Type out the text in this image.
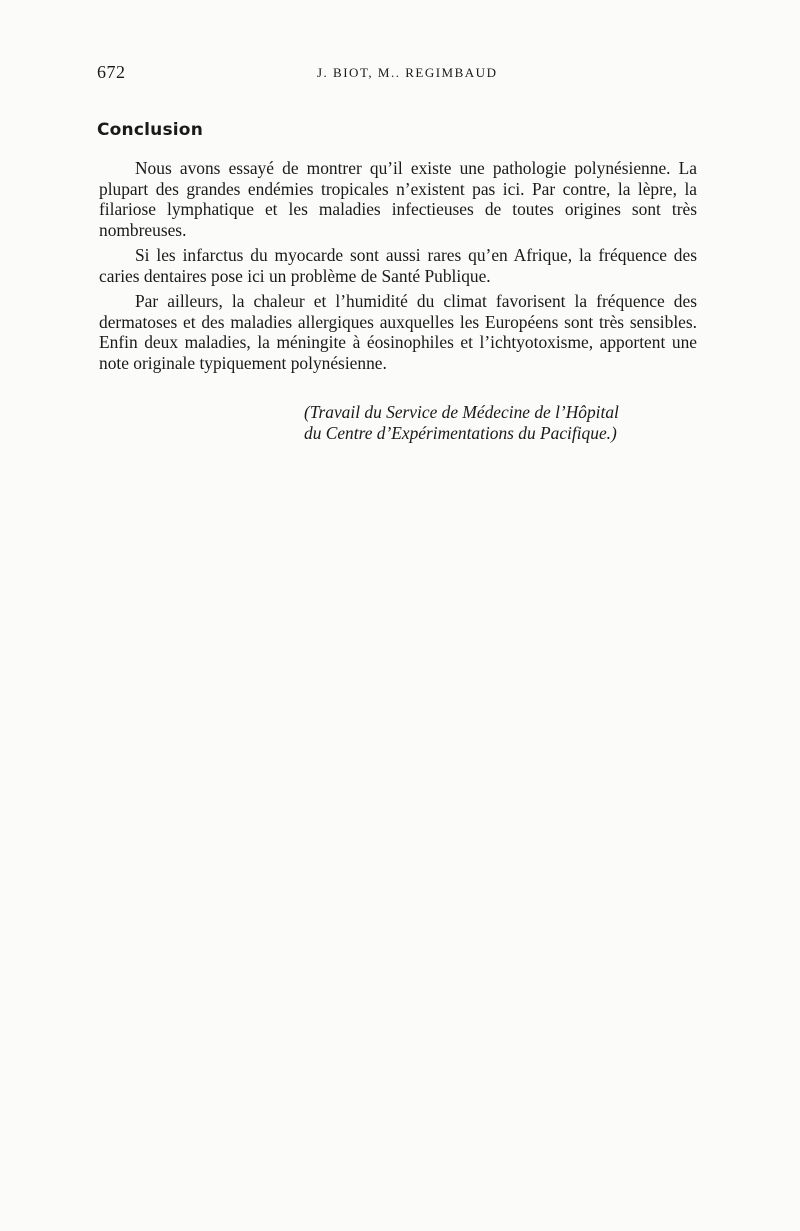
672	J. BIOT, M.. REGIMBAUD
Conclusion

Nous avons essayé de montrer qu’il existe une pathologie polynésienne. La plupart des grandes endémies tropicales n’existent pas ici. Par contre, la lèpre, la filariose lymphatique et les maladies infectieuses de toutes origines sont très nombreuses.

Si les infarctus du myocarde sont aussi rares qu’en Afrique, la fréquence des caries dentaires pose ici un problème de Santé Publique.

Par ailleurs, la chaleur et l’humidité du climat favorisent la fréquence des dermatoses et des maladies allergiques auxquelles les Européens sont très sensibles. Enfin deux maladies, la méningite à éosinophiles et l’ichtyotoxisme, apportent une note originale typiquement polynésienne.

(Travail du Service de Médecine de l’Hôpital
du Centre d’Expérimentations du Pacifique.)
